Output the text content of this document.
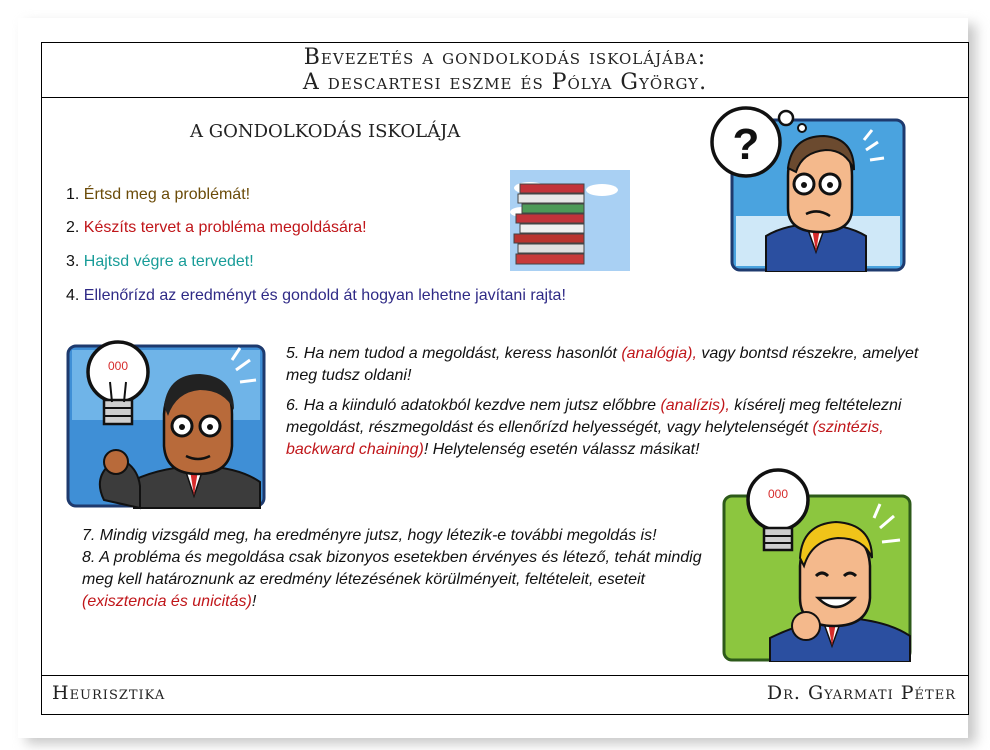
Bevezetés a gondolkodás iskolájába:
A descartesi eszme és Pólya György.
Heurisztika	Dr. Gyarmati Péter
A GONDOLKODÁS ISKOLÁJA
1. Értsd meg a problémát!
2. Készíts tervet a probléma megoldására!
3. Hajtsd végre a tervedet!
4. Ellenőrízd az eredményt és gondold át hogyan lehetne javítani rajta!
5. Ha nem tudod a megoldást, keress hasonlót (analógia), vagy bontsd részekre, amelyet meg tudsz oldani!
6. Ha a kiinduló adatokból kezdve nem jutsz előbbre (analízis), kísérelj meg feltételezni megoldást, részmegoldást és ellenőrízd helyességét, vagy helytelenségét (szintézis, backward chaining)! Helytelenség esetén válassz másikat!
7. Mindig vizsgáld meg, ha eredményre jutsz, hogy létezik-e további megoldás is!
8. A probléma és megoldása csak bizonyos esetekben érvényes és létező, tehát mindig meg kell határoznunk az eredmény létezésének körülményeit, feltételeit, eseteit (exisztencia és unicitás)!
?
000
000
